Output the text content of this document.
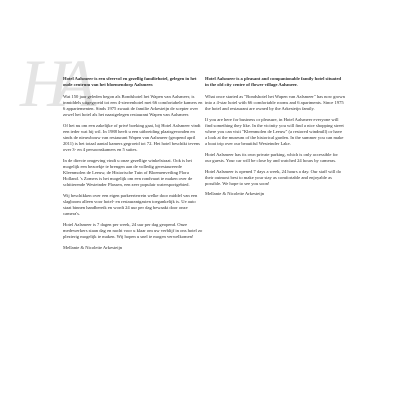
H A

Hotel Aalsmeer is een sfeervol en gezellig familiehotel, gelegen in het oude centrum van het bloemendorp Aalsmeer.

Wat 150 jaar geleden begon als Bondshotel het Wapen van Aalsmeer, is inmiddels uitgegroeid tot een 4-sterrenhotel met 66 comfortabele kamers en 6 appartementen. Sinds 1975 zwaait de familie Arkesteijn de scepter over zowel het hotel als het naastgelegen restaurant Wapen van Aalsmeer.

Of het nu om een zakelijke of privé boeking gaat, bij Hotel Aalsmeer vindt een ieder wat hij wil. In 1988 heeft u een uitbreiding plaatsgevonden en sinds de nieuwbouw van restaurant Wapen van Aalsmeer (geopend april 2011) is het totaal aantal kamers gegroeid tot 72. Het hotel beschikt tevens over 3- en 4 persoonskamers en 5 suites.

In de directe omgeving vindt u onze gezellige winkelstraat. Ook is het mogelijk een bezoekje te brengen aan de volledig gerestaureerde Kleenmolen de Leeuw, de Historische Tuin of Bloemenveiling Flora Holland. 's Zomers is het mogelijk om een rondvaart te maken over de schitterende Westeinder Plassen, een zeer populair watersportgebied.

Wij beschikken over een eigen parkeerterrein welke door middel van een slagboom alleen voor hotel- en restaurantgasten toegankelijk is. Ue auto staat binnen handbereik en wordt 24 uur per dag bewaakt door onze camera's.

Hotel Aalsmeer is 7 dagen per week, 24 uur per dag geopend. Onze medewerkers staan dag en nacht voor u klaar om uw verblijf in ons hotel zo plezierig mogelijk te maken. Wij hopen u snel te mogen verwelkomen!

Mellanie & Nicolette Arkesteijn

Hotel Aalsmeer is a pleasant and companionable family hotel situated in the old city centre of flower village Aalsmeer.

What once started as "Bondshotel het Wapen van Aalsmeer" has now grown into a 4-star hotel with 66 comfortable rooms and 6 apartments. Since 1975 the hotel and restaurant are owned by the Arkesteijn family.

If you are here for business or pleasure, in Hotel Aalsmeer everyone will find something they like. In the vicinity you will find a nice shopping street where you can visit "Kleenmolen de Leeuw" (a restored windmill) or have a look at the museum of the historical garden. In the summer you can make a boat trip over our beautiful Westeinder Lake.

Hotel Aalsmeer has its own private parking, which is only accessible for our guests. Your car will be close by and watched 24 hours by cameras.

Hotel Aalsmeer is opened 7 days a week, 24 hours a day. Our staff will do their outmost best to make your stay as comfortable and enjoyable as possible. We hope to see you soon!

Mellanie & Nicolette Arkesteijn
